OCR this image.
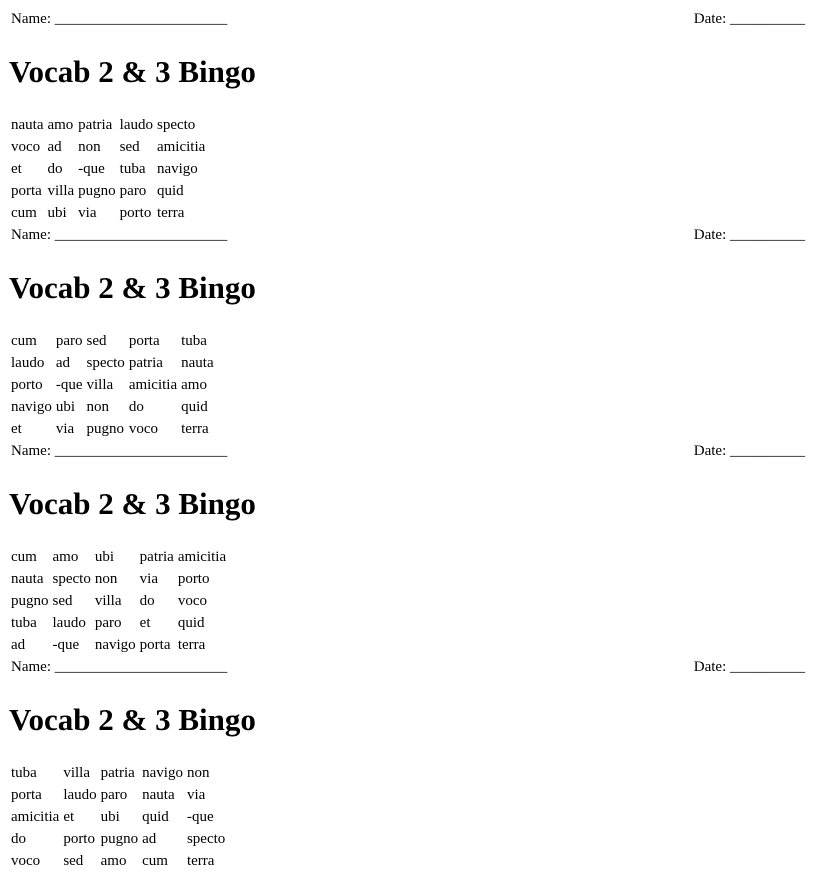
Name: _______________________	Date: __________
Vocab 2 & 3 Bingo
nauta	amo	patria	laudo	specto
voco	ad	non	sed	amicitia
et	do	-que	tuba	navigo
porta	villa	pugno	paro	quid
cum	ubi	via	porto	terra
Name: _______________________	Date: __________
Vocab 2 & 3 Bingo
cum	paro	sed	porta	tuba
laudo	ad	specto	patria	nauta
porto	-que	villa	amicitia	amo
navigo	ubi	non	do	quid
et	via	pugno	voco	terra
Name: _______________________	Date: __________
Vocab 2 & 3 Bingo
cum	amo	ubi	patria	amicitia
nauta	specto	non	via	porto
pugno	sed	villa	do	voco
tuba	laudo	paro	et	quid
ad	-que	navigo	porta	terra
Name: _______________________	Date: __________
Vocab 2 & 3 Bingo
tuba	villa	patria	navigo	non
porta	laudo	paro	nauta	via
amicitia	et	ubi	quid	-que
do	porto	pugno	ad	specto
voco	sed	amo	cum	terra
